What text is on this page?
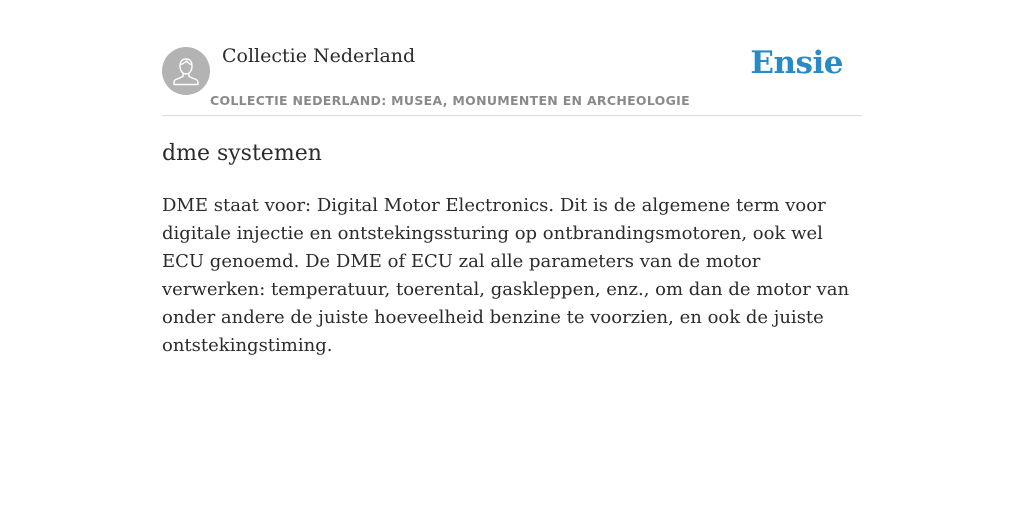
Collectie Nederland
COLLECTIE NEDERLAND: MUSEA, MONUMENTEN EN ARCHEOLOGIE
Ensie
dme systemen

DME staat voor: Digital Motor Electronics. Dit is de algemene term voor digitale injectie en ontstekingssturing op ontbrandingsmotoren, ook wel ECU genoemd. De DME of ECU zal alle parameters van de motor verwerken: temperatuur, toerental, gaskleppen, enz., om dan de motor van onder andere de juiste hoeveelheid benzine te voorzien, en ook de juiste ontstekingstiming.
